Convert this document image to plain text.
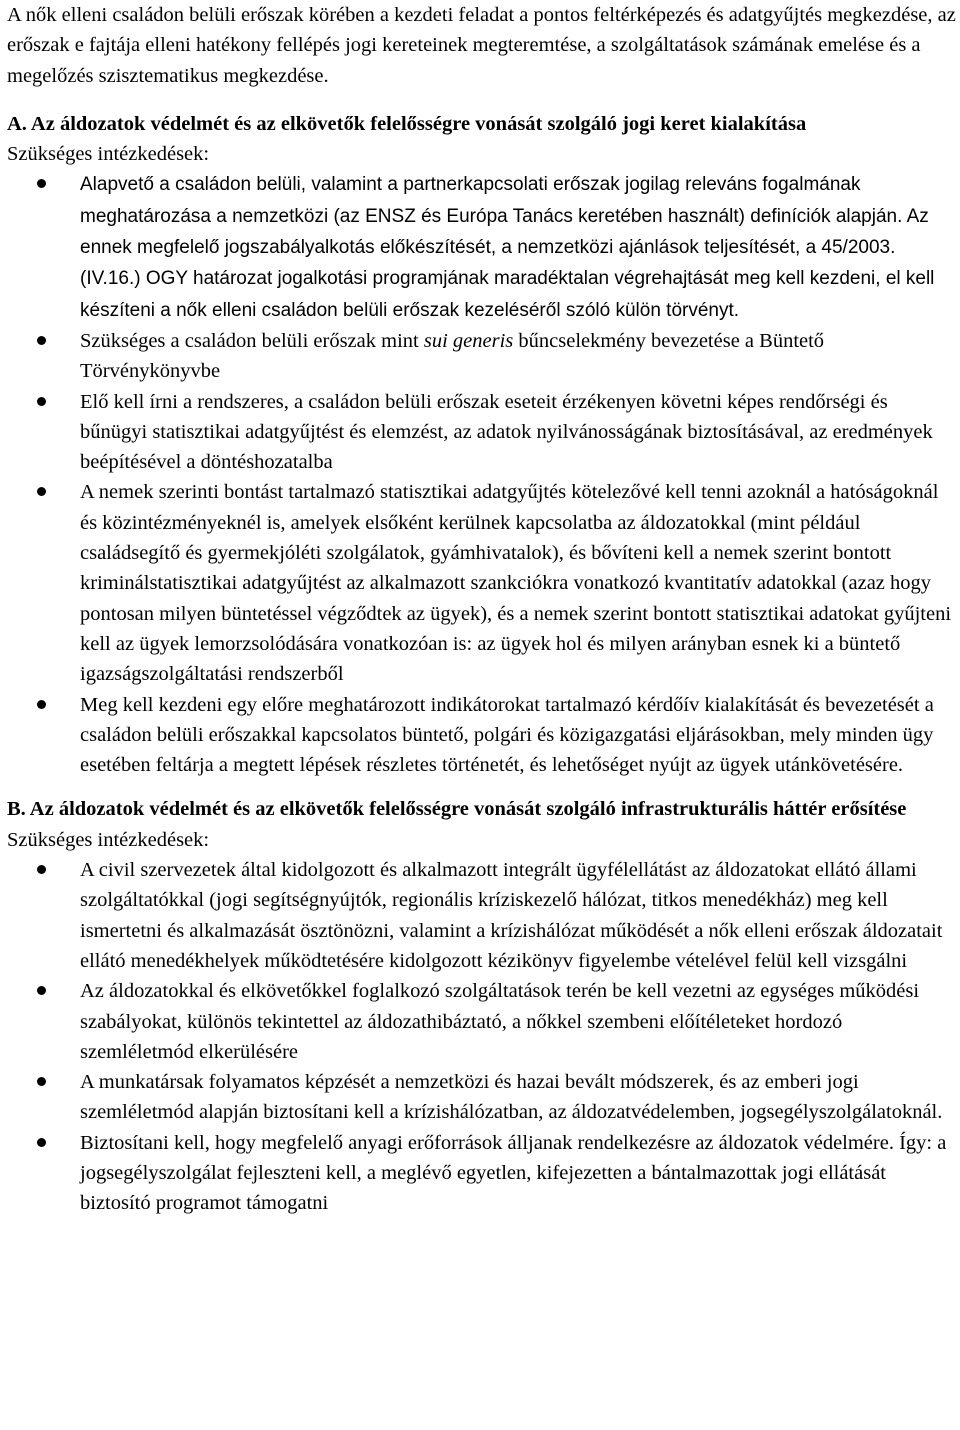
A nők elleni családon belüli erőszak körében a kezdeti feladat a pontos feltérképezés és adatgyűjtés megkezdése, az erőszak e fajtája elleni hatékony fellépés jogi kereteinek megteremtése, a szolgáltatások számának emelése és a megelőzés szisztematikus megkezdése.

A. Az áldozatok védelmét és az elkövetők felelősségre vonását szolgáló jogi keret kialakítása

Szükséges intézkedések:

Alapvető a családon belüli, valamint a partnerkapcsolati erőszak jogilag releváns fogalmának meghatározása a nemzetközi (az ENSZ és Európa Tanács keretében használt) definíciók alapján. Az ennek megfelelő jogszabályalkotás előkészítését, a nemzetközi ajánlások teljesítését, a 45/2003. (IV.16.) OGY határozat jogalkotási programjának maradéktalan végrehajtását meg kell kezdeni, el kell készíteni a nők elleni családon belüli erőszak kezeléséről szóló külön törvényt.
Szükséges a családon belüli erőszak mint sui generis bűncselekmény bevezetése a Büntető Törvénykönyvbe
Elő kell írni a rendszeres, a családon belüli erőszak eseteit érzékenyen követni képes rendőrségi és bűnügyi statisztikai adatgyűjtést és elemzést, az adatok nyilvánosságának biztosításával, az eredmények beépítésével a döntéshozatalba
A nemek szerinti bontást tartalmazó statisztikai adatgyűjtés kötelezővé kell tenni azoknál a hatóságoknál és közintézményeknél is, amelyek elsőként kerülnek kapcsolatba az áldozatokkal (mint például családsegítő és gyermekjóléti szolgálatok, gyámhivatalok), és bővíteni kell a nemek szerint bontott kriminálstatisztikai adatgyűjtést az alkalmazott szankciókra vonatkozó kvantitatív adatokkal (azaz hogy pontosan milyen büntetéssel végződtek az ügyek), és a nemek szerint bontott statisztikai adatokat gyűjteni kell az ügyek lemorzsolódására vonatkozóan is: az ügyek hol és milyen arányban esnek ki a büntető igazságszolgáltatási rendszerből
Meg kell kezdeni egy előre meghatározott indikátorokat tartalmazó kérdőív kialakítását és bevezetését a családon belüli erőszakkal kapcsolatos büntető, polgári és közigazgatási eljárásokban, mely minden ügy esetében feltárja a megtett lépések részletes történetét, és lehetőséget nyújt az ügyek utánkövetésére.

B. Az áldozatok védelmét és az elkövetők felelősségre vonását szolgáló infrastrukturális háttér erősítése

Szükséges intézkedések:

A civil szervezetek által kidolgozott és alkalmazott integrált ügyfélellátást az áldozatokat ellátó állami szolgáltatókkal (jogi segítségnyújtók, regionális kríziskezelő hálózat, titkos menedékház) meg kell ismertetni és alkalmazását ösztönözni, valamint a krízishálózat működését a nők elleni erőszak áldozatait ellátó menedékhelyek működtetésére kidolgozott kézikönyv figyelembe vételével felül kell vizsgálni
Az áldozatokkal és elkövetőkkel foglalkozó szolgáltatások terén be kell vezetni az egységes működési szabályokat, különös tekintettel az áldozathibáztató, a nőkkel szembeni előítéleteket hordozó szemléletmód elkerülésére
A munkatársak folyamatos képzését a nemzetközi és hazai bevált módszerek, és az emberi jogi szemléletmód alapján biztosítani kell a krízishálózatban, az áldozatvédelemben, jogsegélyszolgálatoknál.
Biztosítani kell, hogy megfelelő anyagi erőforrások álljanak rendelkezésre az áldozatok védelmére. Így: a jogsegélyszolgálat fejleszteni kell, a meglévő egyetlen, kifejezetten a bántalmazottak jogi ellátását biztosító programot támogatni
